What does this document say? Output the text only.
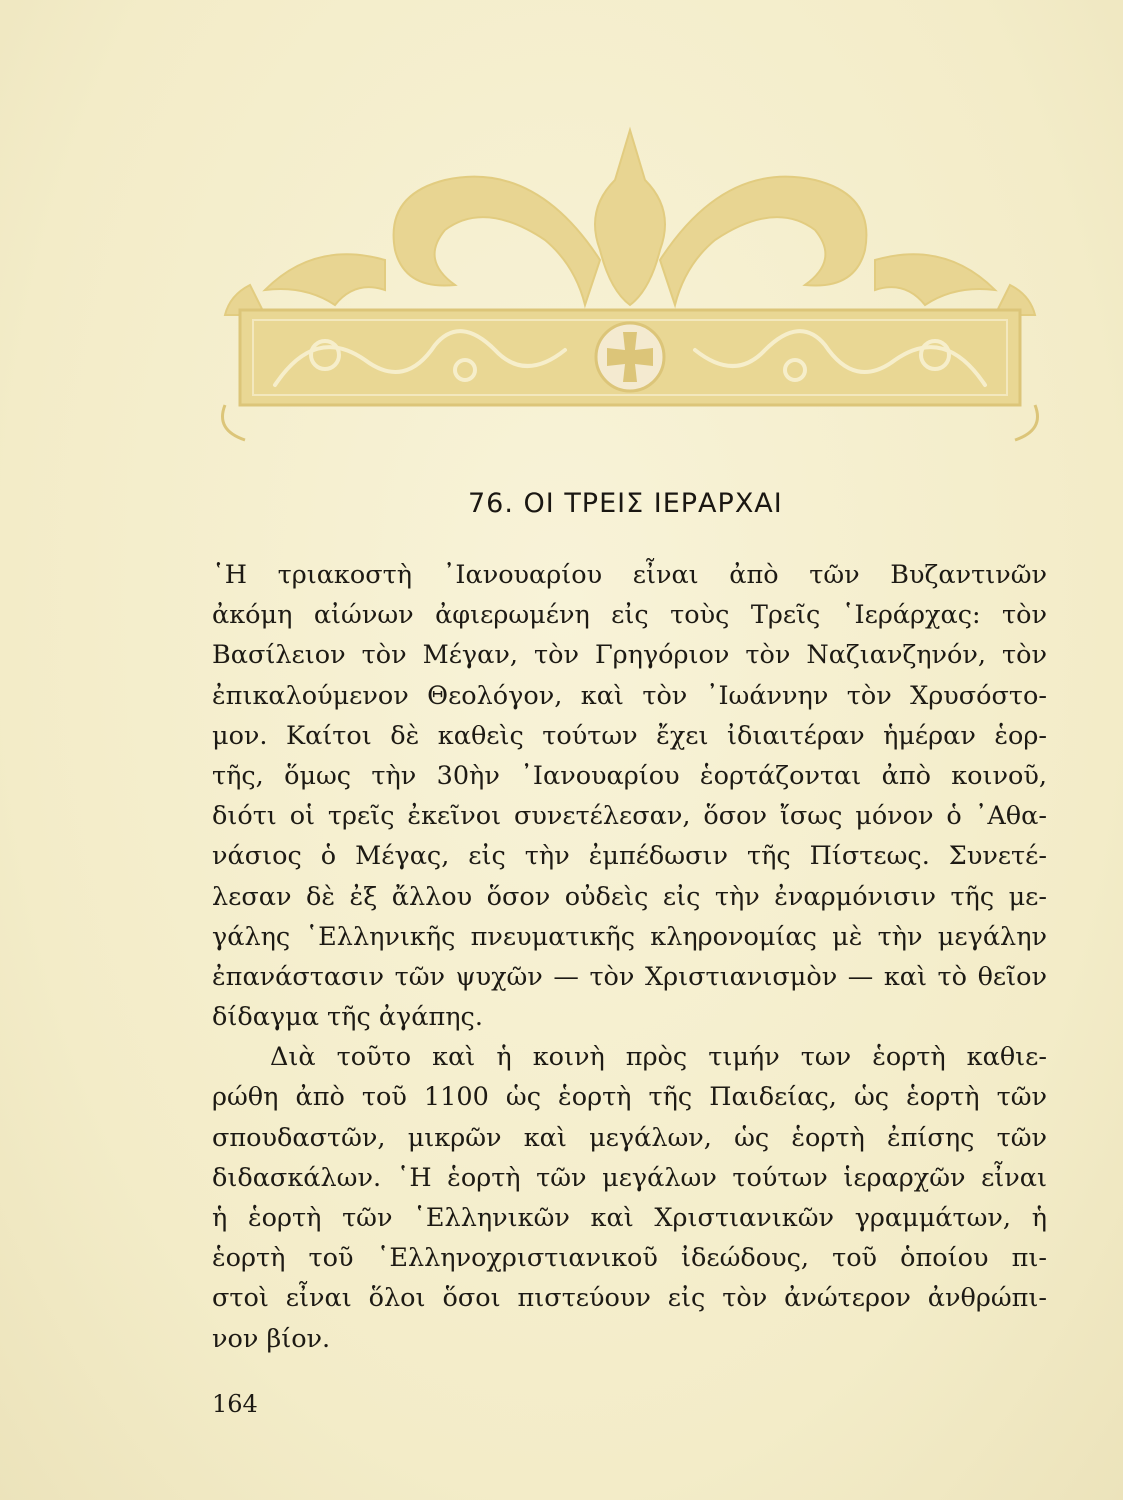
76. ΟΙ ΤΡΕΙΣ ΙΕΡΑΡΧΑΙ
῾Η τριακοστὴ ᾿Ιανουαρίου εἶναι ἀπὸ τῶν Βυζαντινῶν
ἀκόμη αἰώνων ἀφιερωμένη εἰς τοὺς Τρεῖς ῾Ιεράρχας: τὸν
Βασίλειον τὸν Μέγαν, τὸν Γρηγόριον τὸν Ναζιανζηνόν, τὸν
ἐπικαλούμενον Θεολόγον, καὶ τὸν ᾿Ιωάννην τὸν Χρυσόστο-
μον. Καίτοι δὲ καθεὶς τούτων ἔχει ἰδιαιτέραν ἡμέραν ἑορ-
τῆς, ὅμως τὴν 30ὴν ᾿Ιανουαρίου ἑορτάζονται ἀπὸ κοινοῦ,
διότι οἱ τρεῖς ἐκεῖνοι συνετέλεσαν, ὅσον ἴσως μόνον ὁ ᾿Αθα-
νάσιος ὁ Μέγας, εἰς τὴν ἐμπέδωσιν τῆς Πίστεως. Συνετέ-
λεσαν δὲ ἐξ ἄλλου ὅσον οὐδεὶς εἰς τὴν ἐναρμόνισιν τῆς με-
γάλης ῾Ελληνικῆς πνευματικῆς κληρονομίας μὲ τὴν μεγάλην
ἐπανάστασιν τῶν ψυχῶν — τὸν Χριστιανισμὸν — καὶ τὸ θεῖον
δίδαγμα τῆς ἀγάπης.
Διὰ τοῦτο καὶ ἡ κοινὴ πρὸς τιμήν των ἑορτὴ καθιε-
ρώθη ἀπὸ τοῦ 1100 ὡς ἑορτὴ τῆς Παιδείας, ὡς ἑορτὴ τῶν
σπουδαστῶν, μικρῶν καὶ μεγάλων, ὡς ἑορτὴ ἐπίσης τῶν
διδασκάλων. ῾Η ἑορτὴ τῶν μεγάλων τούτων ἱεραρχῶν εἶναι
ἡ ἑορτὴ τῶν ῾Ελληνικῶν καὶ Χριστιανικῶν γραμμάτων, ἡ
ἑορτὴ τοῦ ῾Ελληνοχριστιανικοῦ ἰδεώδους, τοῦ ὁποίου πι-
στοὶ εἶναι ὅλοι ὅσοι πιστεύουν εἰς τὸν ἀνώτερον ἀνθρώπι-
νον βίον.
164
